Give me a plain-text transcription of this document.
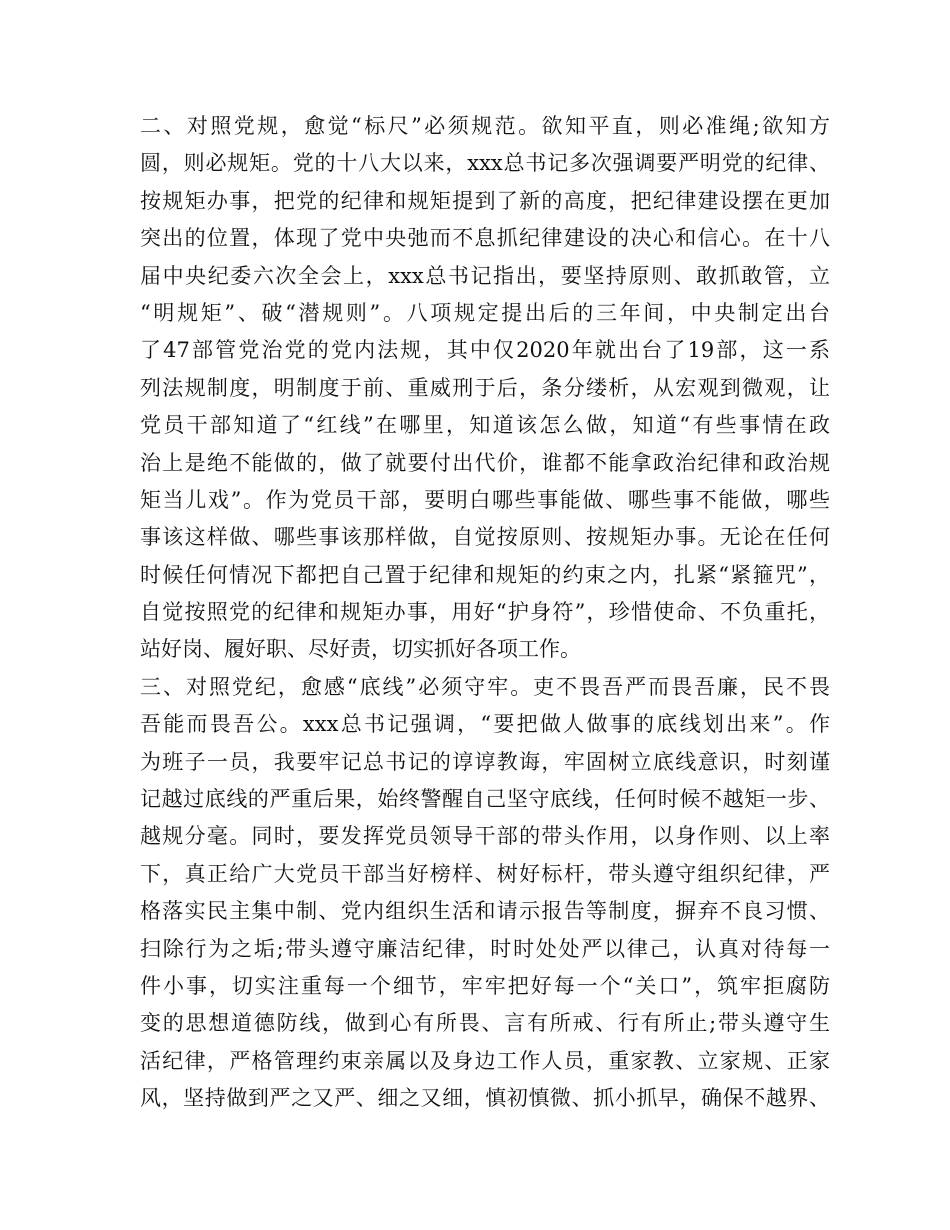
二、对照党规，愈觉“标尺”必须规范。欲知平直，则必准绳;欲知方
圆，则必规矩。党的十八大以来，xxx总书记多次强调要严明党的纪律、
按规矩办事，把党的纪律和规矩提到了新的高度，把纪律建设摆在更加
突出的位置，体现了党中央弛而不息抓纪律建设的决心和信心。在十八
届中央纪委六次全会上，xxx总书记指出，要坚持原则、敢抓敢管，立
“明规矩”、破“潜规则”。八项规定提出后的三年间，中央制定出台
了47部管党治党的党内法规，其中仅2020年就出台了19部，这一系
列法规制度，明制度于前、重威刑于后，条分缕析，从宏观到微观，让
党员干部知道了“红线”在哪里，知道该怎么做，知道“有些事情在政
治上是绝不能做的，做了就要付出代价，谁都不能拿政治纪律和政治规
矩当儿戏”。作为党员干部，要明白哪些事能做、哪些事不能做，哪些
事该这样做、哪些事该那样做，自觉按原则、按规矩办事。无论在任何
时候任何情况下都把自己置于纪律和规矩的约束之内，扎紧“紧箍咒”，
自觉按照党的纪律和规矩办事，用好“护身符”，珍惜使命、不负重托，
站好岗、履好职、尽好责，切实抓好各项工作。
三、对照党纪，愈感“底线”必须守牢。吏不畏吾严而畏吾廉，民不畏
吾能而畏吾公。xxx总书记强调，“要把做人做事的底线划出来”。作
为班子一员，我要牢记总书记的谆谆教诲，牢固树立底线意识，时刻谨
记越过底线的严重后果，始终警醒自己坚守底线，任何时候不越矩一步、
越规分毫。同时，要发挥党员领导干部的带头作用，以身作则、以上率
下，真正给广大党员干部当好榜样、树好标杆，带头遵守组织纪律，严
格落实民主集中制、党内组织生活和请示报告等制度，摒弃不良习惯、
扫除行为之垢;带头遵守廉洁纪律，时时处处严以律己，认真对待每一
件小事，切实注重每一个细节，牢牢把好每一个“关口”，筑牢拒腐防
变的思想道德防线，做到心有所畏、言有所戒、行有所止;带头遵守生
活纪律，严格管理约束亲属以及身边工作人员，重家教、立家规、正家
风，坚持做到严之又严、细之又细，慎初慎微、抓小抓早，确保不越界、
